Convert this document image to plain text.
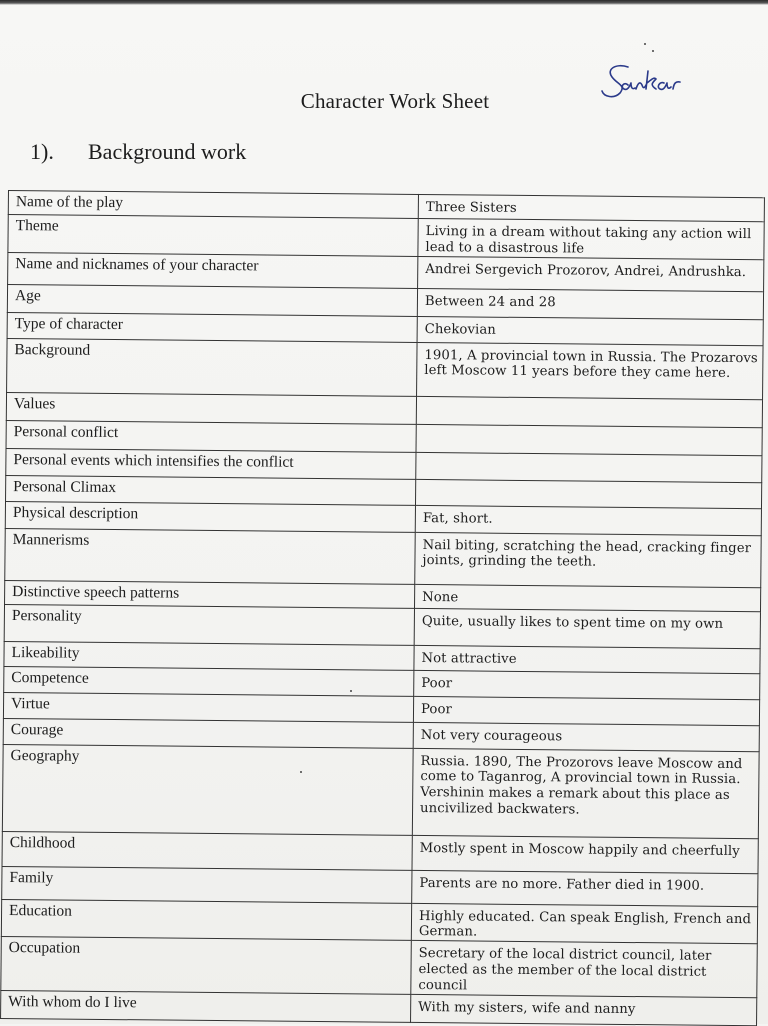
Character Work Sheet
1). Background work
Name of the play	Three Sisters
Theme	Living in a dream without taking any action will lead to a disastrous life
Name and nicknames of your character	Andrei Sergevich Prozorov, Andrei, Andrushka.
Age	Between 24 and 28
Type of character	Chekovian
Background	1901, A provincial town in Russia. The Prozarovs left Moscow 11 years before they came here.
Values	
Personal conflict	
Personal events which intensifies the conflict	
Personal Climax	
Physical description	Fat, short.
Mannerisms	Nail biting, scratching the head, cracking finger joints, grinding the teeth.
Distinctive speech patterns	None
Personality	Quite, usually likes to spent time on my own
Likeability	Not attractive
Competence	Poor
Virtue	Poor
Courage	Not very courageous
Geography	Russia. 1890, The Prozorovs leave Moscow and come to Taganrog, A provincial town in Russia. Vershinin makes a remark about this place as uncivilized backwaters.
Childhood	Mostly spent in Moscow happily and cheerfully
Family	Parents are no more. Father died in 1900.
Education	Highly educated. Can speak English, French and German.
Occupation	Secretary of the local district council, later elected as the member of the local district council
With whom do I live	With my sisters, wife and nanny
